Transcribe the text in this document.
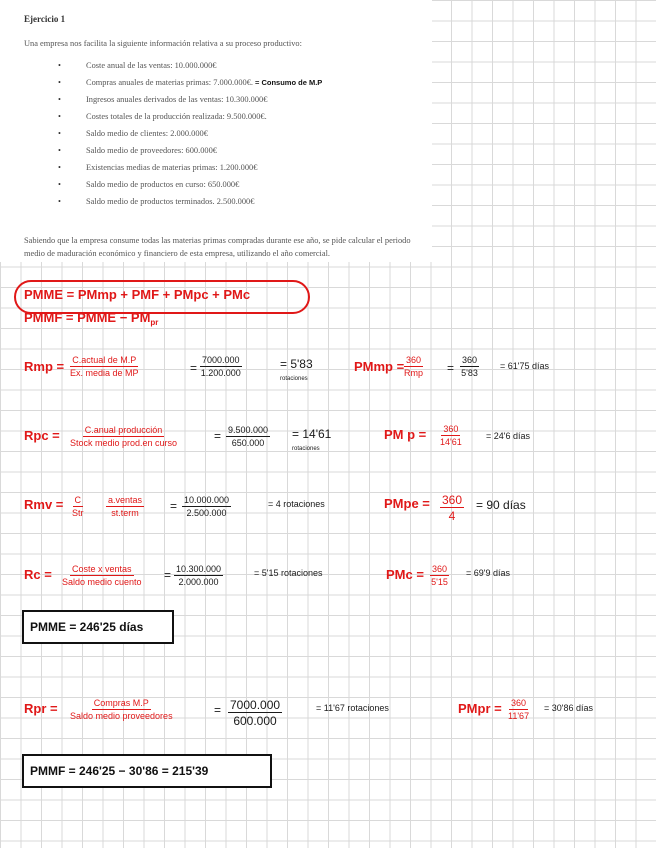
Ejercicio 1

Una empresa nos facilita la siguiente información relativa a su proceso productivo:

• Coste anual de las ventas: 10.000.000€
• Compras anuales de materias primas: 7.000.000€. = Consumo de M.P
• Ingresos anuales derivados de las ventas: 10.300.000€
• Costes totales de la producción realizada: 9.500.000€.
• Saldo medio de clientes: 2.000.000€
• Saldo medio de proveedores: 600.000€
• Existencias medias de materias primas: 1.200.000€
• Saldo medio de productos en curso: 650.000€
• Saldo medio de productos terminados. 2.500.000€

Sabiendo que la empresa consume todas las materias primas compradas durante ese año, se pide calcular el periodo medio de maduración económico y financiero de esta empresa, utilizando el año comercial.

PMME = PMmp + PMF + PMpc + PMc
PMMF = PMME − $PM_{pr}$
Rmp = $\frac{\text{C.actual de M.P}}{\text{Ex. media de MP}}$	= $\frac{7000.000}{1.200.000}$	= 5'83
rotaciones
PMmp = $\frac{360}{\text{Rmp}} = \frac{360}{5'83} = 61'75$ días
Rpc = $\frac{\text{C.anual producción}}{\text{Stock medio prod.en curso}}$	= $\frac{9.500.000}{650.000} = 14'61$
rotaciones
PM $p = \frac{360}{14'61}$	= 24'6 días
Rmv = $\frac{C}{\text{Str}} \frac{\text{a.ventas}}{\text{st.term}} = \frac{10.000.000}{2.500.000}$	= 4 rotaciones	PMpe = $\frac{360}{4} = 90$ días
$Rc = \frac{\text{Coste x ventas}}{\text{Saldo medio cuento}} = \frac{10.300.000}{2.000.000}$	= 5'15 rotaciones	PMc = $\frac{360}{5'15} = 69'9$ días
PMME = 246'25 días
Rpr = $\frac{\text{Compras M.P}}{\text{Saldo medio proveedores}}$	= $\frac{7000.000}{600.000}$	= 11'67 rotaciones	PMpr = $\frac{360}{11'67} = 30'86$ días
PMMF = 246'25 − 30'86 = 215'39
